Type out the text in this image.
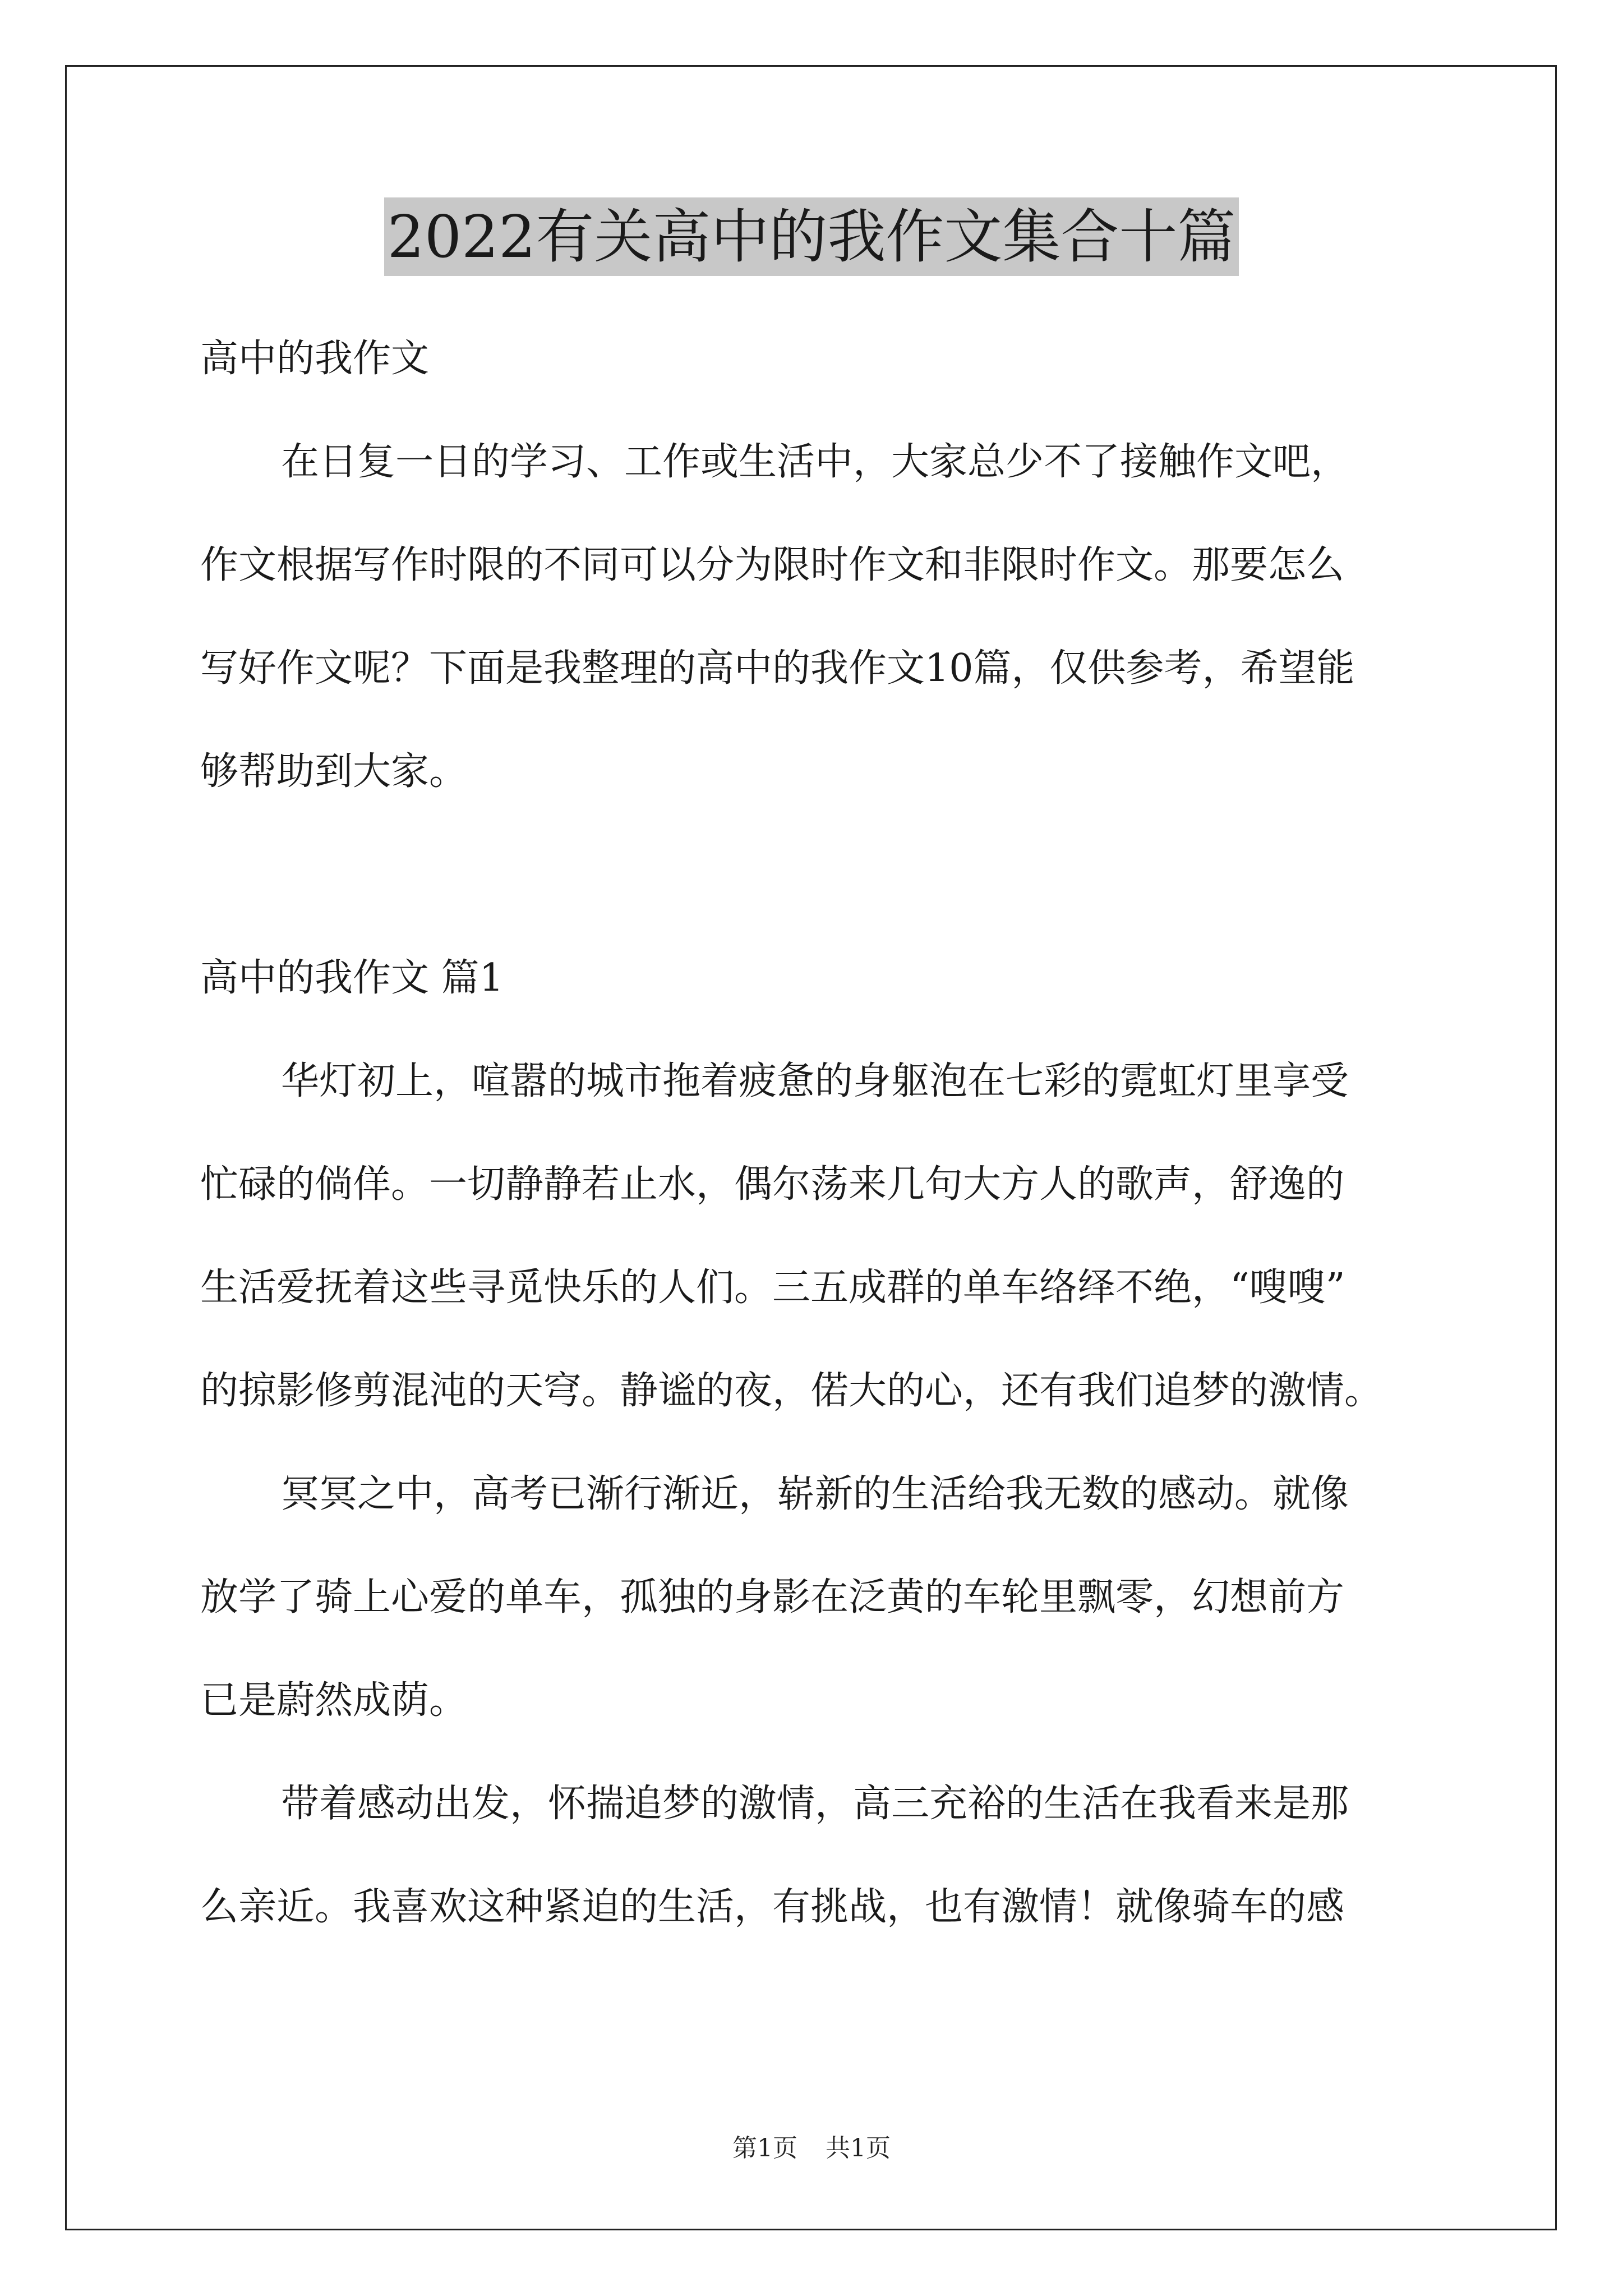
2022有关高中的我作文集合十篇

高中的我作文

在日复一日的学习、工作或生活中，大家总少不了接触作文吧，

作文根据写作时限的不同可以分为限时作文和非限时作文。那要怎么

写好作文呢？下面是我整理的高中的我作文10篇，仅供参考，希望能

够帮助到大家。

高中的我作文 篇1

华灯初上，喧嚣的城市拖着疲惫的身躯泡在七彩的霓虹灯里享受

忙碌的倘佯。一切静静若止水，偶尔荡来几句大方人的歌声，舒逸的

生活爱抚着这些寻觅快乐的人们。三五成群的单车络绎不绝，“嗖嗖”

的掠影修剪混沌的天穹。静谧的夜，偌大的心，还有我们追梦的激情。

冥冥之中，高考已渐行渐近，崭新的生活给我无数的感动。就像

放学了骑上心爱的单车，孤独的身影在泛黄的车轮里飘零，幻想前方

已是蔚然成荫。

带着感动出发，怀揣追梦的激情，高三充裕的生活在我看来是那

么亲近。我喜欢这种紧迫的生活，有挑战，也有激情！就像骑车的感

第1页 共1页
